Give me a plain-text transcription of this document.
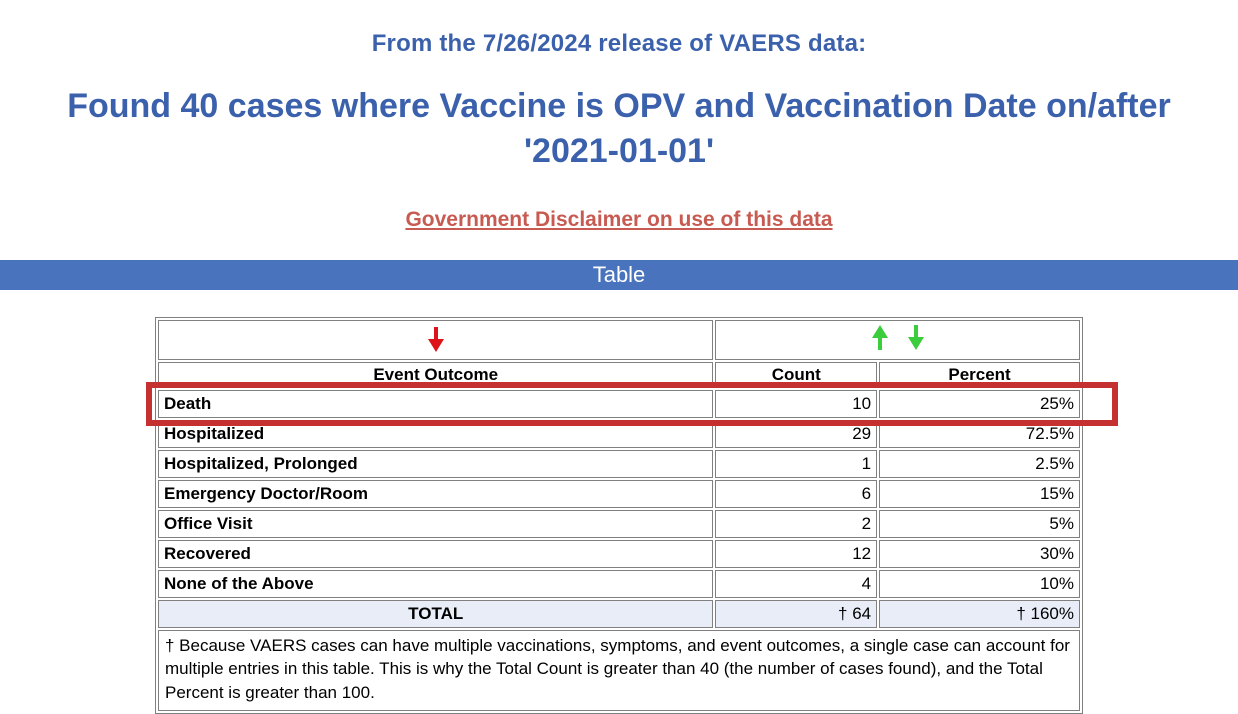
From the 7/26/2024 release of VAERS data:
Found 40 cases where Vaccine is OPV and Vaccination Date on/after '2021-01-01'
Government Disclaimer on use of this data
Table

Event Outcome	Count	Percent
Death	10	25%
Hospitalized	29	72.5%
Hospitalized, Prolonged	1	2.5%
Emergency Doctor/Room	6	15%
Office Visit	2	5%
Recovered	12	30%
None of the Above	4	10%
TOTAL	† 64	† 160%
† Because VAERS cases can have multiple vaccinations, symptoms, and event outcomes, a single case can account for multiple entries in this table. This is why the Total Count is greater than 40 (the number of cases found), and the Total Percent is greater than 100.		
